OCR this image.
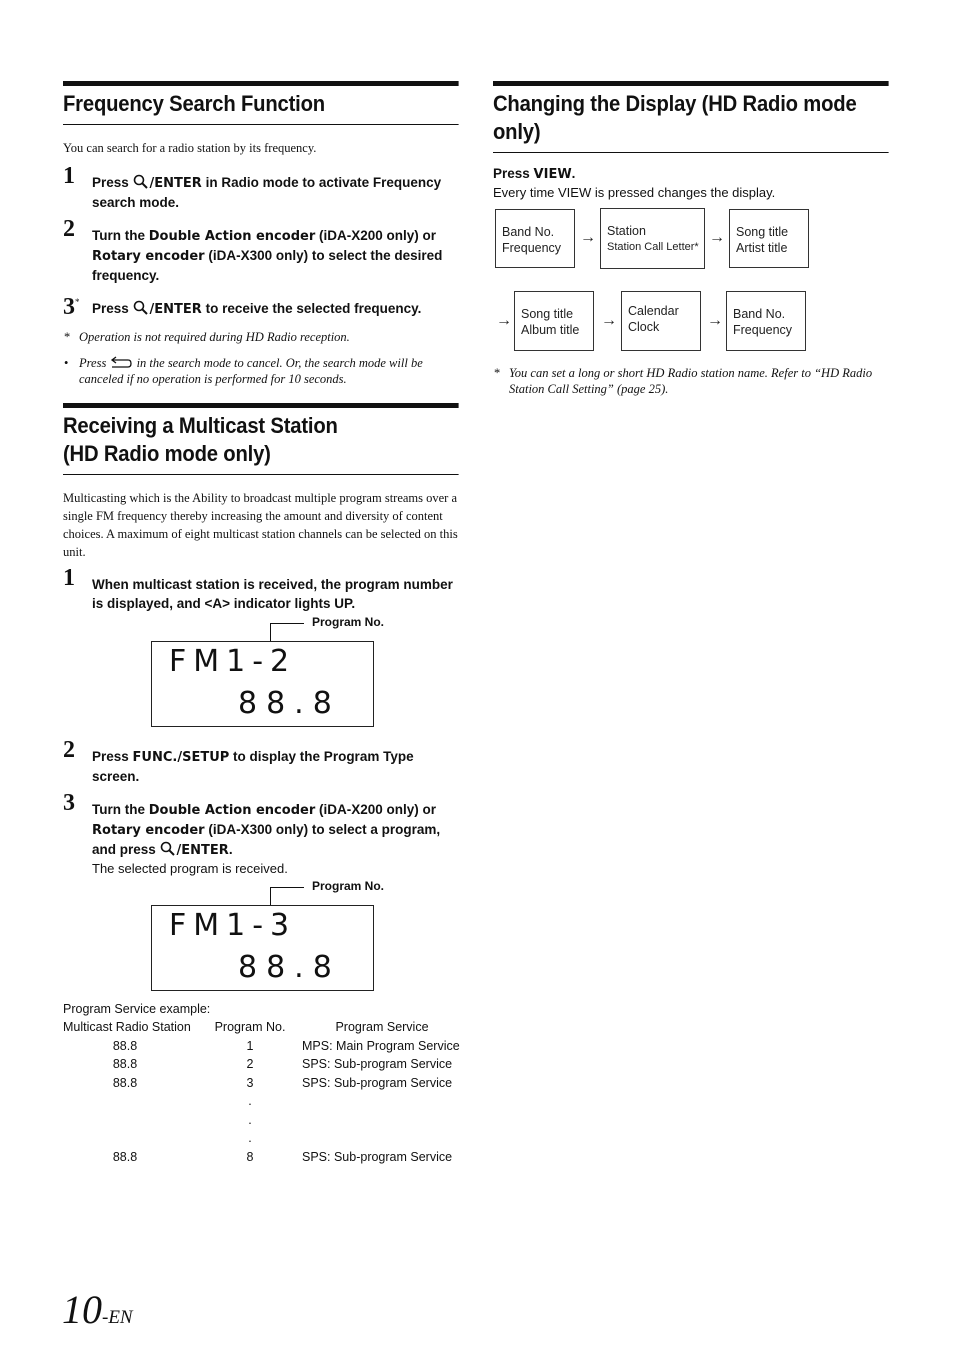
Frequency Search Function
You can search for a radio station by its frequency.
1 Press /ENTER in Radio mode to activate Frequency search mode.
2 Turn the Double Action encoder (iDA-X200 only) or Rotary encoder (iDA-X300 only) to select the desired frequency.
3* Press /ENTER to receive the selected frequency.
* Operation is not required during HD Radio reception.
• Press  in the search mode to cancel. Or, the search mode will be canceled if no operation is performed for 10 seconds.
Receiving a Multicast Station
(HD Radio mode only)
Multicasting which is the Ability to broadcast multiple program streams over a single FM frequency thereby increasing the amount and diversity of content choices. A maximum of eight multicast station channels can be selected on this unit.
1 When multicast station is received, the program number is displayed, and <A> indicator lights UP.
Program No.
FM1-2
88.8
2 Press FUNC./SETUP to display the Program Type screen.
3 Turn the Double Action encoder (iDA-X200 only) or Rotary encoder (iDA-X300 only) to select a program, and press /ENTER.
The selected program is received.
Program No.
FM1-3
88.8
Program Service example:
Multicast Radio Station	Program No.	Program Service
88.8	1	MPS: Main Program Service
88.8	2	SPS: Sub-program Service
88.8	3	SPS: Sub-program Service
	.	
	.	
	.	
88.8	8	SPS: Sub-program Service
Changing the Display (HD Radio mode
only)
Press VIEW.
Every time VIEW is pressed changes the display.
Band No.
Frequency
→ Station
Station Call Letter*
→ Song title
Artist title
→ Song title
Album title
→
Calendar
Clock	→ Band No.
Frequency
* You can set a long or short HD Radio station name. Refer to “HD Radio Station Call Setting” (page 25).
10-EN
